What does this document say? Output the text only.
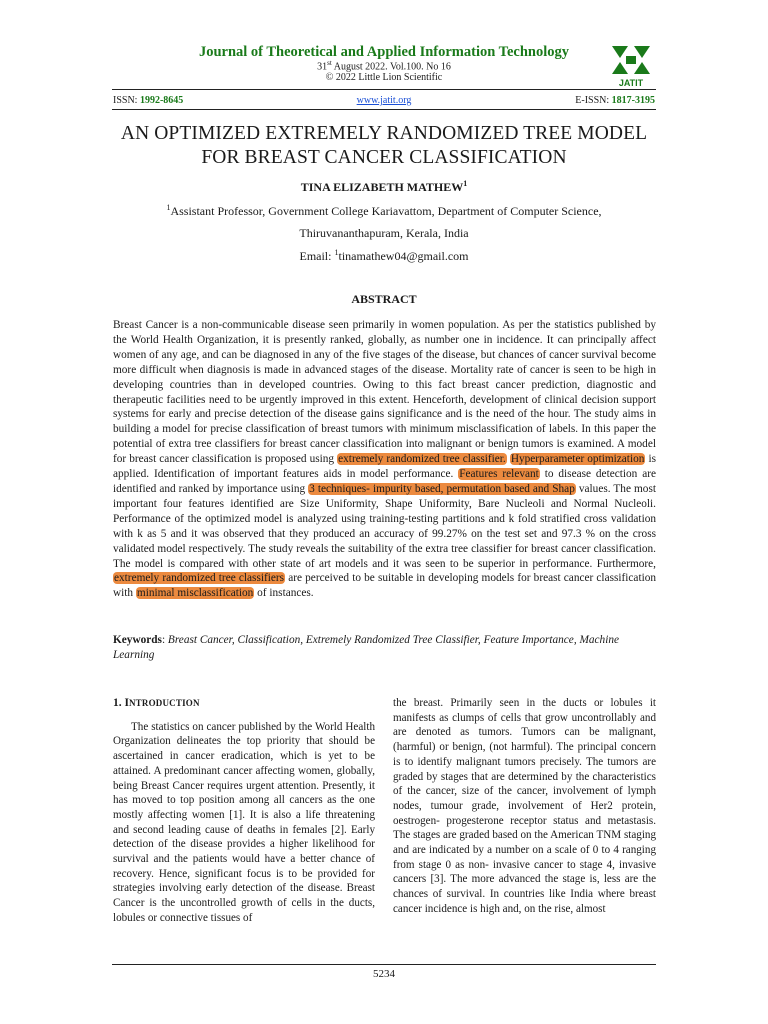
Journal of Theoretical and Applied Information Technology
31st August 2022. Vol.100. No 16
© 2022 Little Lion Scientific	JATIT
ISSN: 1992-8645	www.jatit.org	E-ISSN: 1817-3195
AN OPTIMIZED EXTREMELY RANDOMIZED TREE MODEL
FOR BREAST CANCER CLASSIFICATION
TINA ELIZABETH MATHEW$^1$
$^1$Assistant Professor, Government College Kariavattom, Department of Computer Science,
Thiruvananthapuram, Kerala, India
Email: $^1$tinamathew04@gmail.com
ABSTRACT
Breast Cancer is a non-communicable disease seen primarily in women population. As per the statistics published by the World Health Organization, it is presently ranked, globally, as number one in incidence. It can principally affect women of any age, and can be diagnosed in any of the five stages of the disease, but chances of cancer survival become more difficult when diagnosis is made in advanced stages of the disease. Mortality rate of cancer is seen to be high in developing countries than in developed countries. Owing to this fact breast cancer prediction, diagnostic and therapeutic facilities need to be urgently improved in this extent. Henceforth, development of clinical decision support systems for early and precise detection of the disease gains significance and is the need of the hour. The study aims in building a model for precise classification of breast tumors with minimum misclassification of labels. In this paper the potential of extra tree classifiers for breast cancer classification into malignant or benign tumors is examined. A model for breast cancer classification is proposed using extremely randomized tree classifier. Hyperparameter optimization is applied. Identification of important features aids in model performance. Features relevant to disease detection are identified and ranked by importance using 3 techniques- impurity based, permutation based and Shap values. The most important four features identified are Size Uniformity, Shape Uniformity, Bare Nucleoli and Normal Nucleoli. Performance of the optimized model is analyzed using training-testing partitions and k fold stratified cross validation with k as 5 and it was observed that they produced an accuracy of 99.27% on the test set and 97.3 % on the cross validated model respectively. The study reveals the suitability of the extra tree classifier for breast cancer classification. The model is compared with other state of art models and it was seen to be superior in performance. Furthermore, extremely randomized tree classifiers are perceived to be suitable in developing models for breast cancer classification with minimal misclassification of instances.
Keywords: Breast Cancer, Classification, Extremely Randomized Tree Classifier, Feature Importance, Machine Learning
1. INTRODUCTION
The statistics on cancer published by the World Health Organization delineates the top priority that should be ascertained in cancer eradication, which is yet to be attained. A predominant cancer affecting women, globally, being Breast Cancer requires urgent attention. Presently, it has moved to top position among all cancers as the one mostly affecting women [1]. It is also a life threatening and second leading cause of deaths in females [2]. Early detection of the disease provides a higher likelihood for survival and the patients would have a better chance of recovery. Hence, significant focus is to be provided for strategies involving early detection of the disease. Breast Cancer is the uncontrolled growth of cells in the ducts, lobules or connective tissues of
the breast. Primarily seen in the ducts or lobules it manifests as clumps of cells that grow uncontrollably and are denoted as tumors. Tumors can be malignant, (harmful) or benign, (not harmful). The principal concern is to identify malignant tumors precisely. The tumors are graded by stages that are determined by the characteristics of the cancer, size of the cancer, involvement of lymph nodes, tumour grade, involvement of Her2 protein, oestrogen- progesterone receptor status and metastasis. The stages are graded based on the American TNM staging and are indicated by a number on a scale of 0 to 4 ranging from stage 0 as non- invasive cancer to stage 4, invasive cancers [3]. The more advanced the stage is, less are the chances of survival. In countries like India where breast cancer incidence is high and, on the rise, almost
5234
